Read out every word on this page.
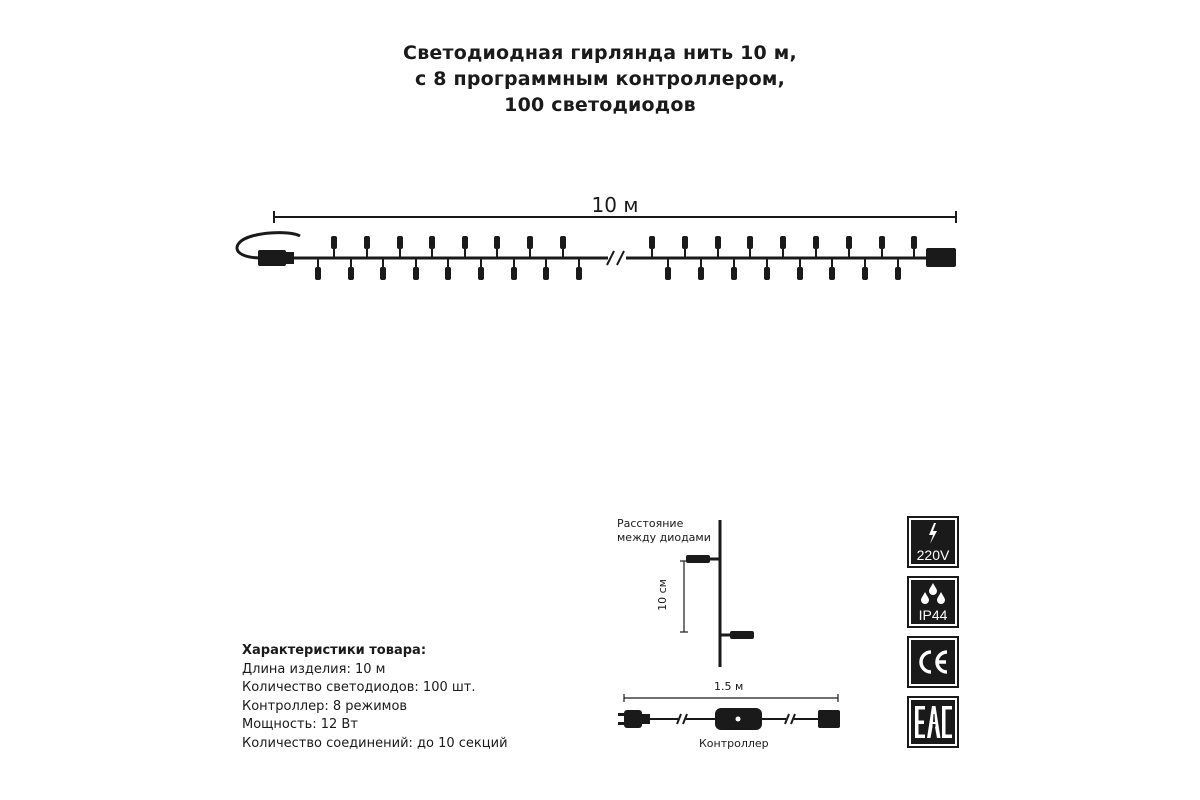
Светодиодная гирлянда нить 10 м,
с 8 программным контроллером,
100 светодиодов
10 м
Характеристики товара:
Длина изделия: 10 м
Количество светодиодов: 100 шт.
Контроллер: 8 режимов
Мощность: 12 Вт
Количество соединений: до 10 секций
Расстояние
между диодами
10 см
1.5 м
Контроллер
220V
IP44
